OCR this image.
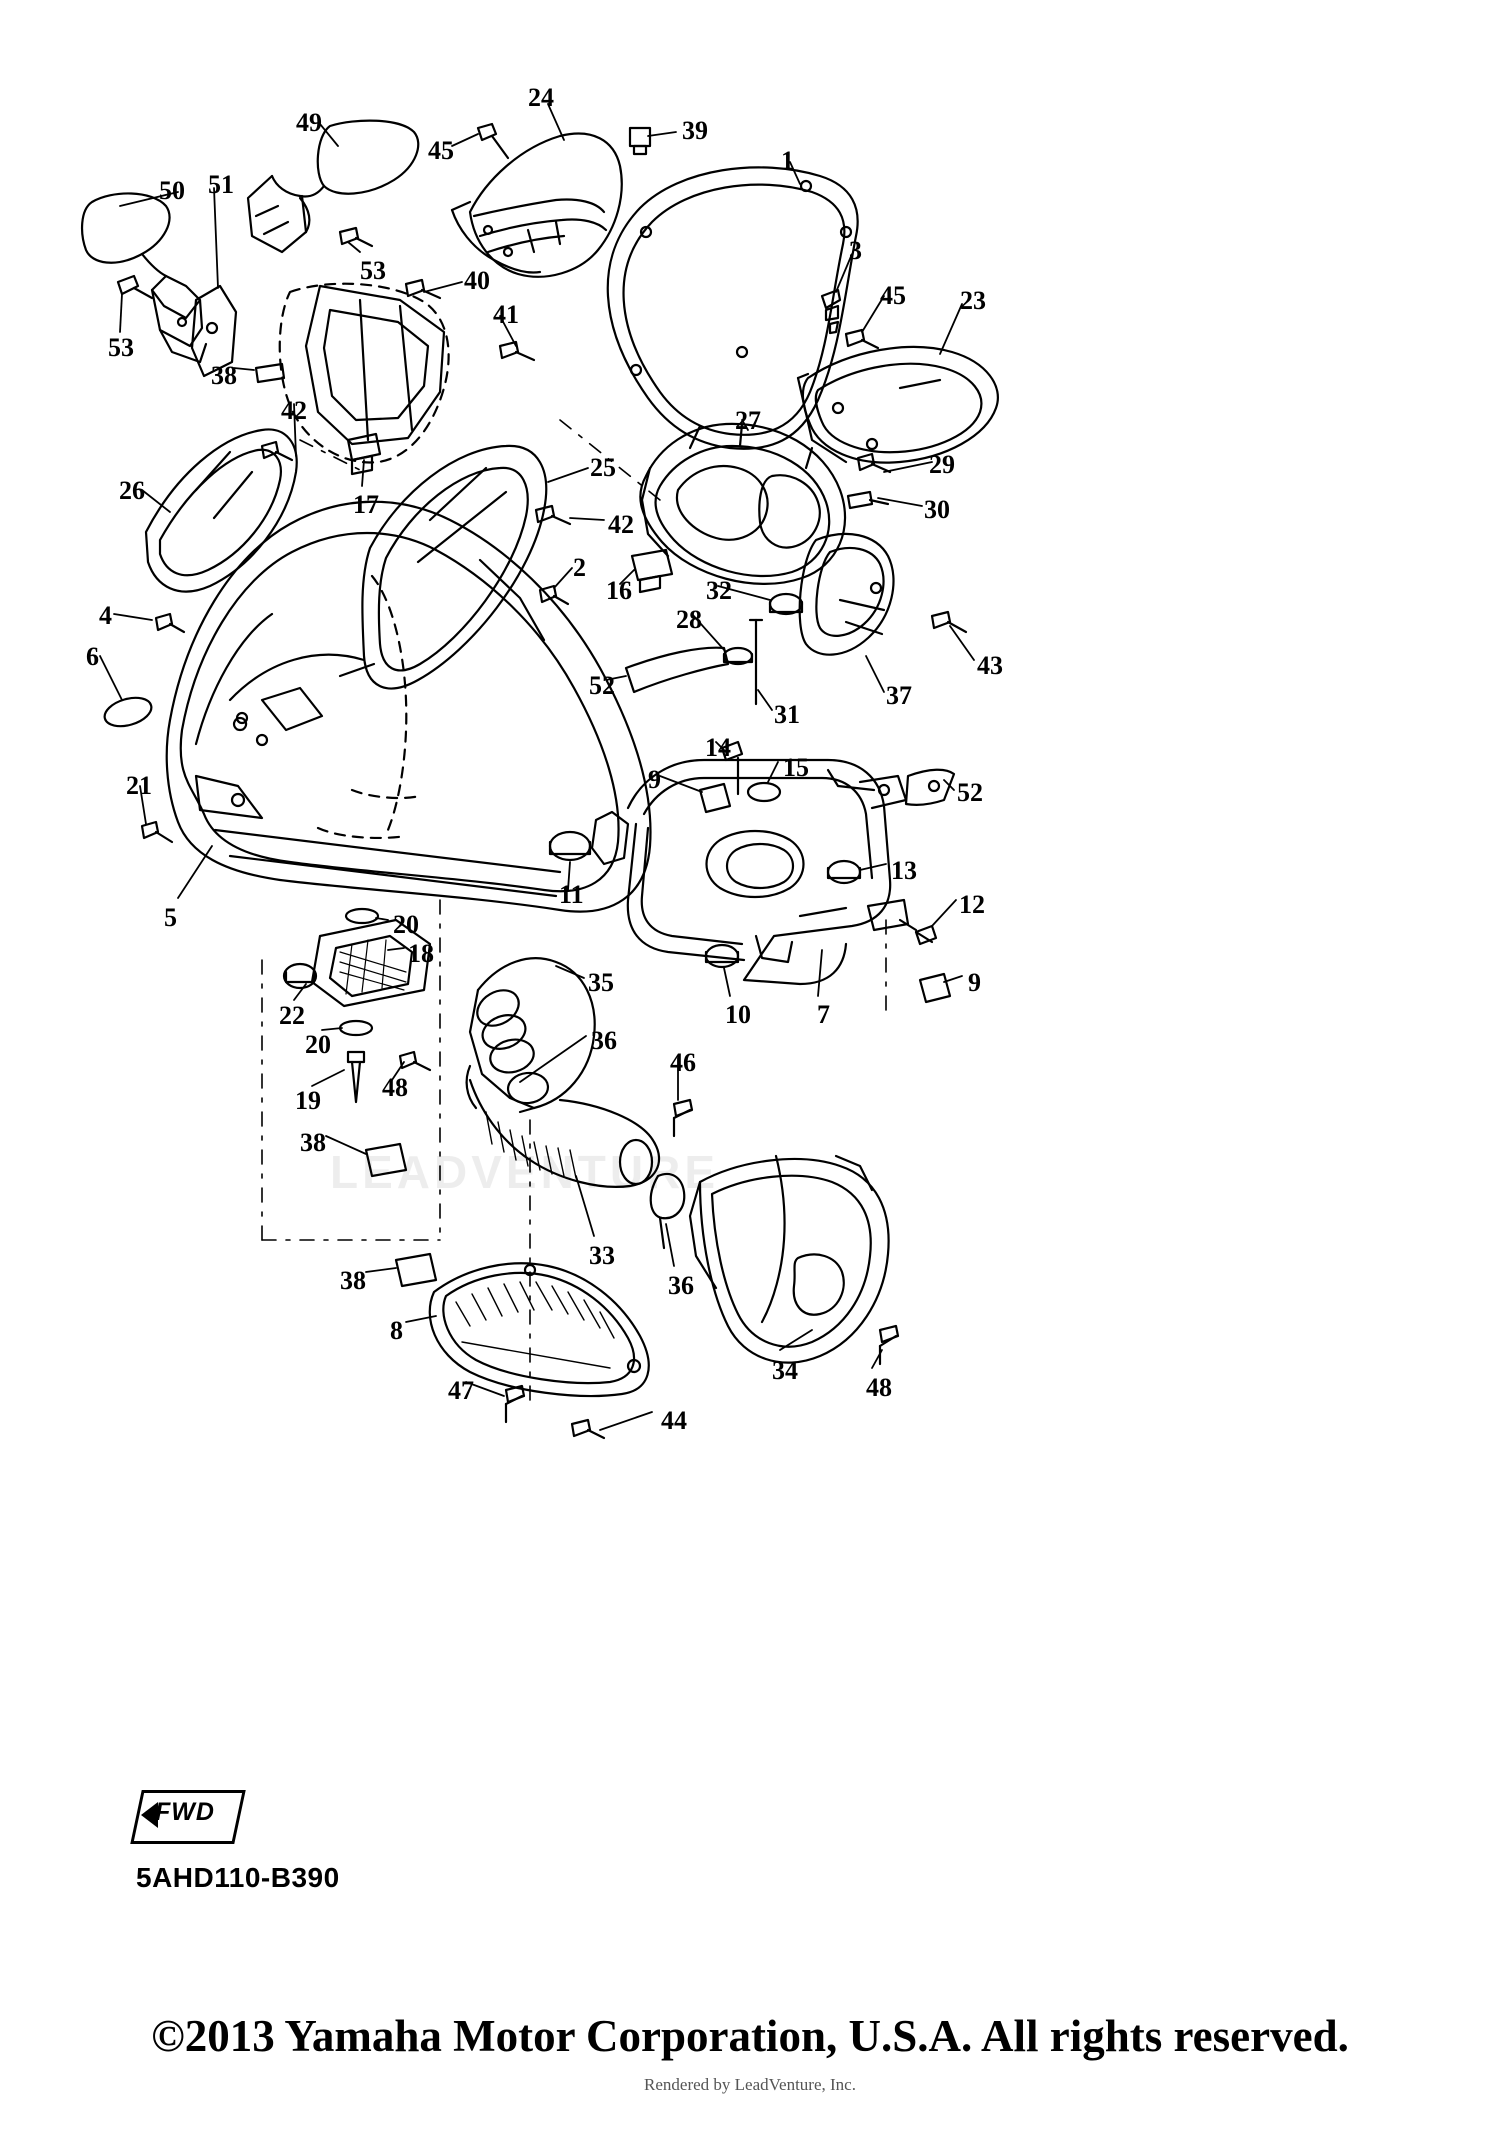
49
24
39
45	1
50 51
3
53	40
45 23
53
41
38
42	27
29
17
25
30
26
42
2
16	32
28
43
52	37
31
4
6
14
15
52
9
21
13
11	12
5	20
18
10	7
9
35
22
20	36
46
19 48
38
33
36
38
34
8
48
47
44
LEADVENTURE
FWD
5AHD110-B390
©2013 Yamaha Motor Corporation, U.S.A. All rights reserved.
Rendered by LeadVenture, Inc.
